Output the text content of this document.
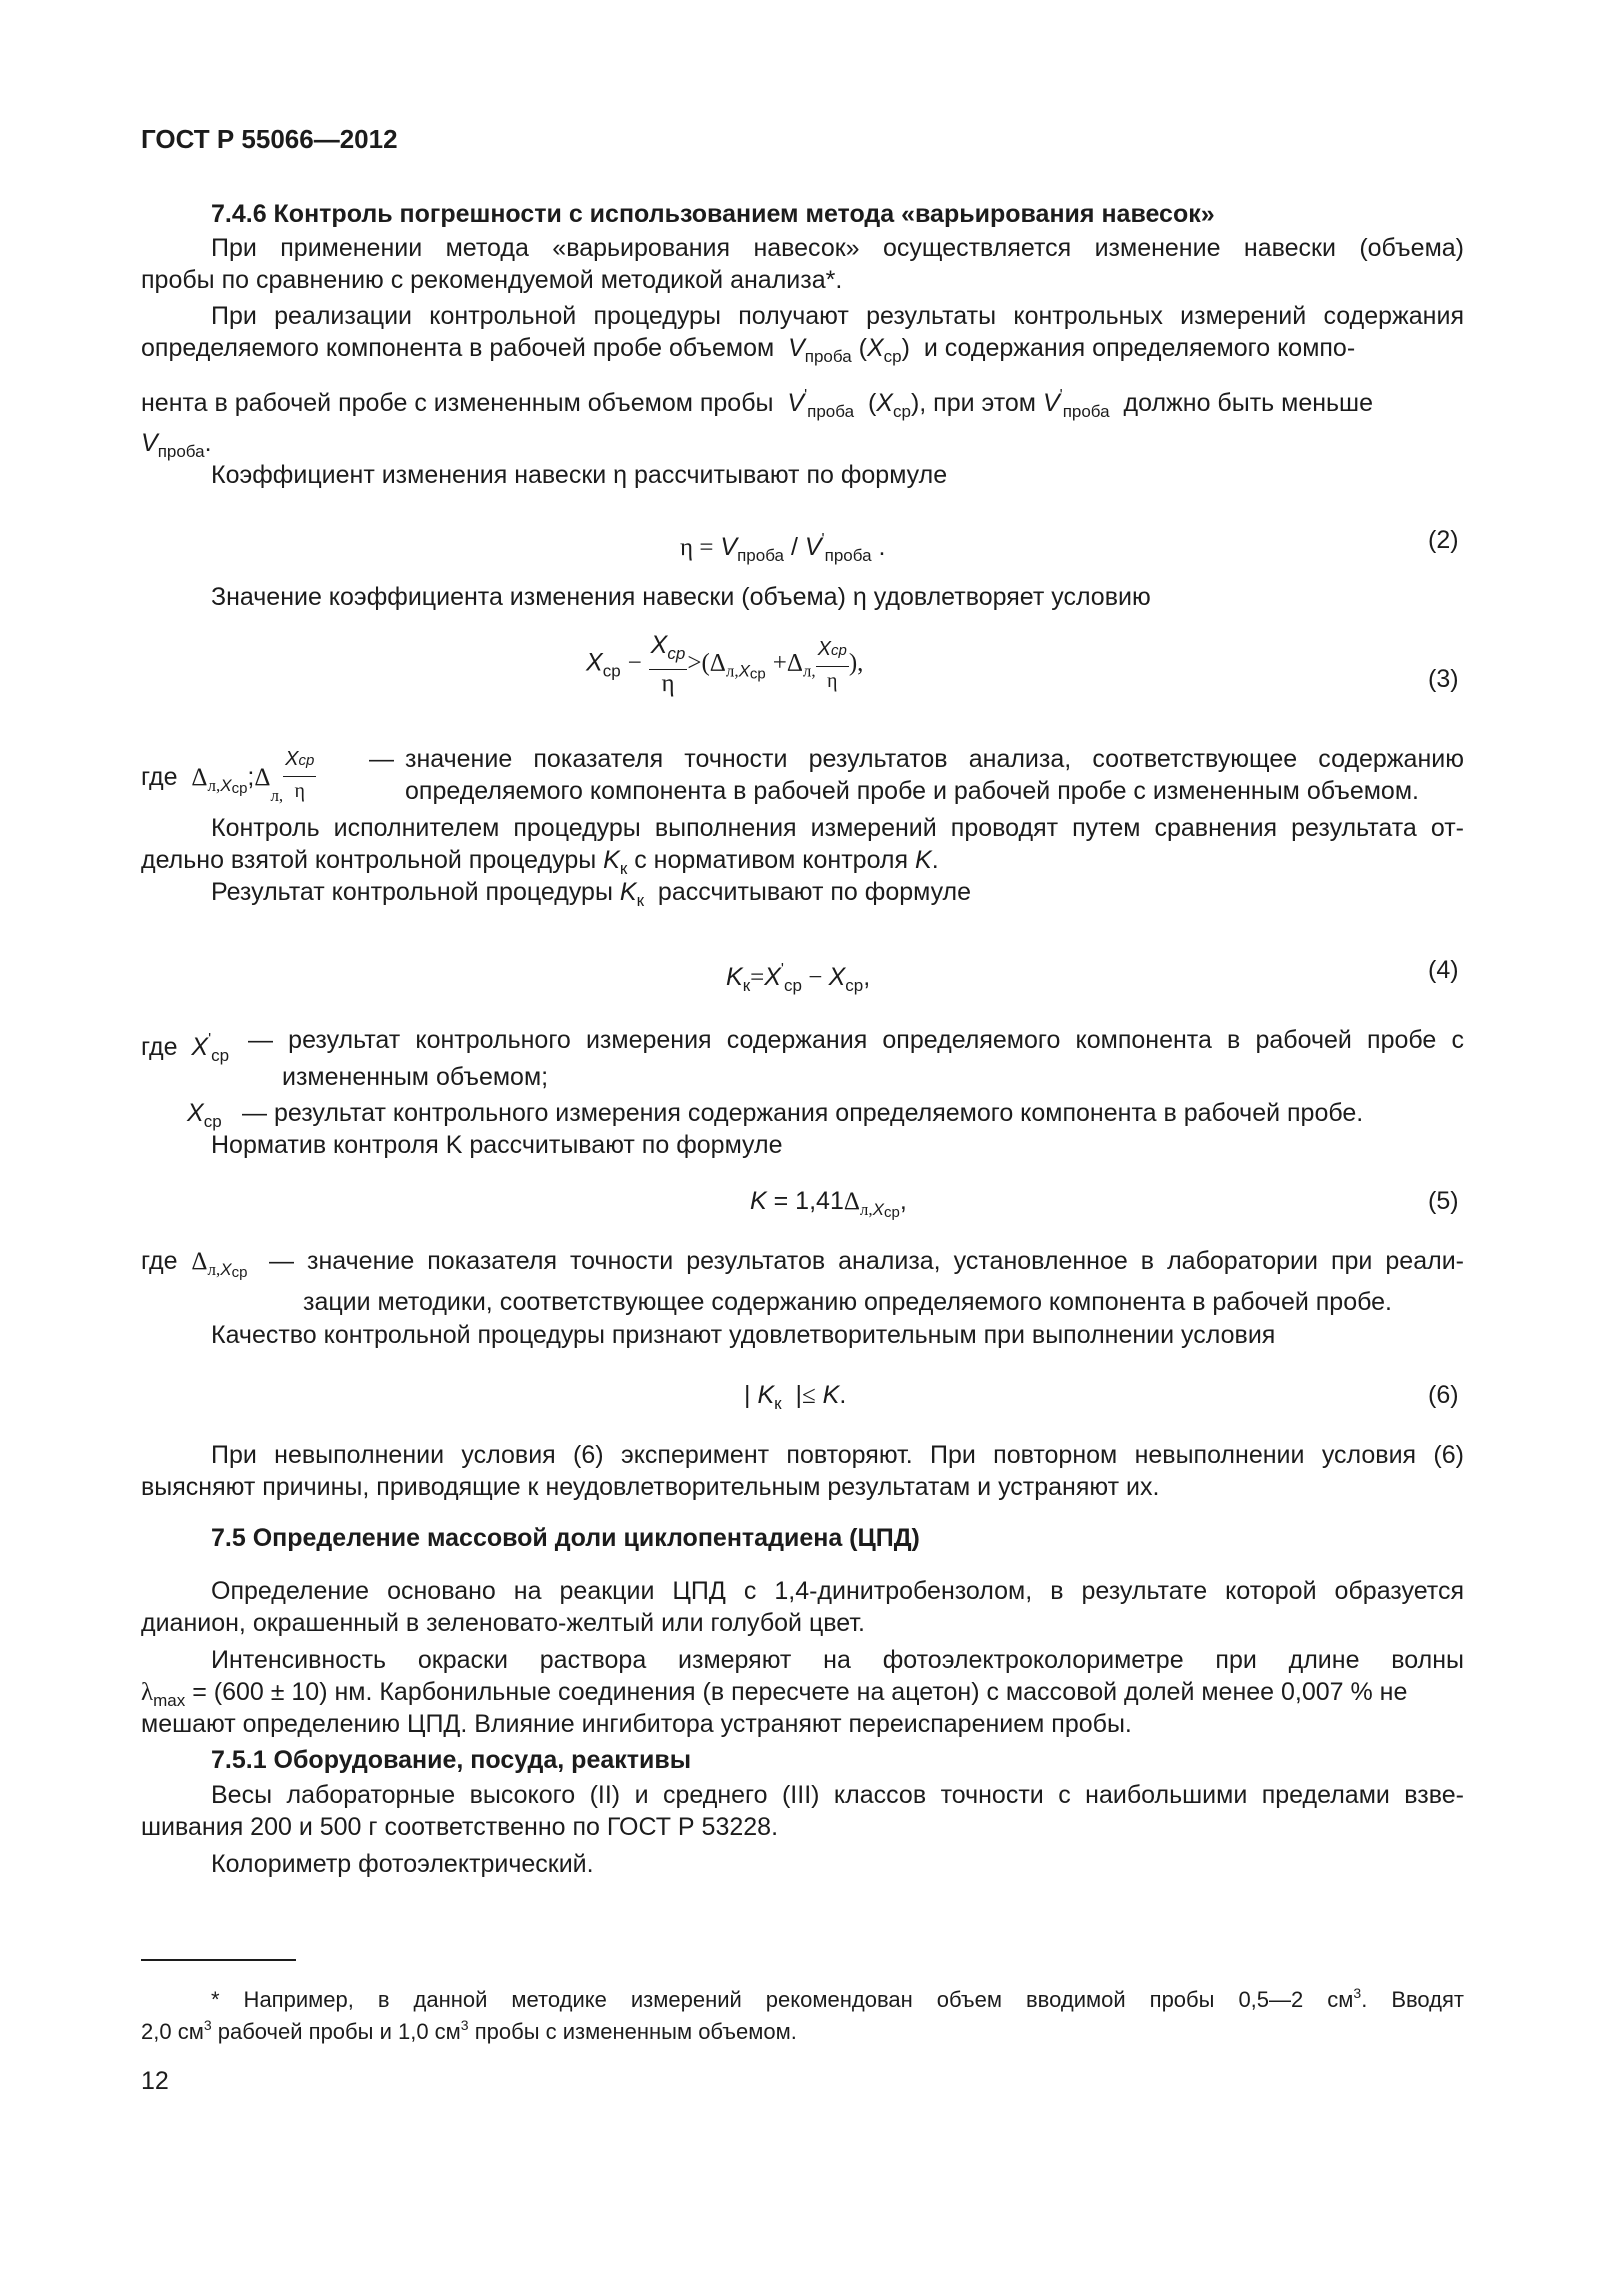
ГОСТ Р 55066—2012
7.4.6 Контроль погрешности с использованием метода «варьирования навесок»
При применении метода «варьирования навесок» осуществляется изменение навески (объема)
пробы по сравнению с рекомендуемой методикой анализа*.
При реализации контрольной процедуры получают результаты контрольных измерений содержания
определяемого компонента в рабочей пробе объемом $V_{проба}$ $(X_{ср})$  и содержания определяемого компо-
нента в рабочей пробе с измененным объемом пробы $V'_{проба}$  $(X_{ср})$, при этом $V'_{проба}$ должно быть меньше
$V_{проба}$.
Коэффициент изменения навески η рассчитывают по формуле
$\eta = V_{проба} / V'_{проба}$ .	(2)
Значение коэффициента изменения навески (объема) η удовлетворяет условию
$X_{ср} - \frac{X_{ср}}{\eta} >(\Delta_{л,Xср} +\Delta_{л,} \frac{\text{Xср}}{\eta}$ ),
(3)
где $\Delta_{л,Xср};\Delta_{л,} \frac{\text{Xср}}{\eta}$ — значение показателя точности результатов анализа, соответствующее содержанию
определяемого компонента в рабочей пробе и рабочей пробе с измененным объемом.
Контроль исполнителем процедуры выполнения измерений проводят путем сравнения результата от-
дельно взятой контрольной процедуры $K_к$ с нормативом контроля K.
Результат контрольной процедуры $K_к$ рассчитывают по формуле
$K_к=X'_{ср} - X_{ср}$,	(4)
где $X'_{ср}$
— результат контрольного измерения содержания определяемого компонента в рабочей пробе с
измененным объемом;
$X_{ср}$ — результат контрольного измерения содержания определяемого компонента в рабочей пробе.
Норматив контроля K рассчитывают по формуле
$K = 1,41\Delta_{л,Xср}$,	(5)
где $\Delta_{л,Xср}$ — значение показателя точности результатов анализа, установленное в лаборатории при реали-
зации методики, соответствующее содержанию определяемого компонента в рабочей пробе.
Качество контрольной процедуры признают удовлетворительным при выполнении условия
| $K_к$ |≤ K.	(6)
При невыполнении условия (6) эксперимент повторяют. При повторном невыполнении условия (6)
выясняют причины, приводящие к неудовлетворительным результатам и устраняют их.
7.5 Определение массовой доли циклопентадиена (ЦПД)
Определение основано на реакции ЦПД с 1,4-динитробензолом, в результате которой образуется
дианион, окрашенный в зеленовато-желтый или голубой цвет.
Интенсивность окраски раствора измеряют на фотоэлектроколориметре при длине волны
$\lambda_{max} = (600 \pm 10)$ нм. Карбонильные соединения (в пересчете на ацетон) с массовой долей менее 0,007 % не
мешают определению ЦПД. Влияние ингибитора устраняют переиспарением пробы.
7.5.1 Оборудование, посуда, реактивы
Весы лабораторные высокого (II) и среднего (III) классов точности с наибольшими пределами взве-
шивания 200 и 500 г соответственно по ГОСТ Р 53228.
Колориметр фотоэлектрический.
* Например, в данной методике измерений рекомендован объем вводимой пробы 0,5—2 $см^3$. Вводят
2,0 $см^3$ рабочей пробы и 1,0 $см^3$ пробы с измененным объемом.
12
